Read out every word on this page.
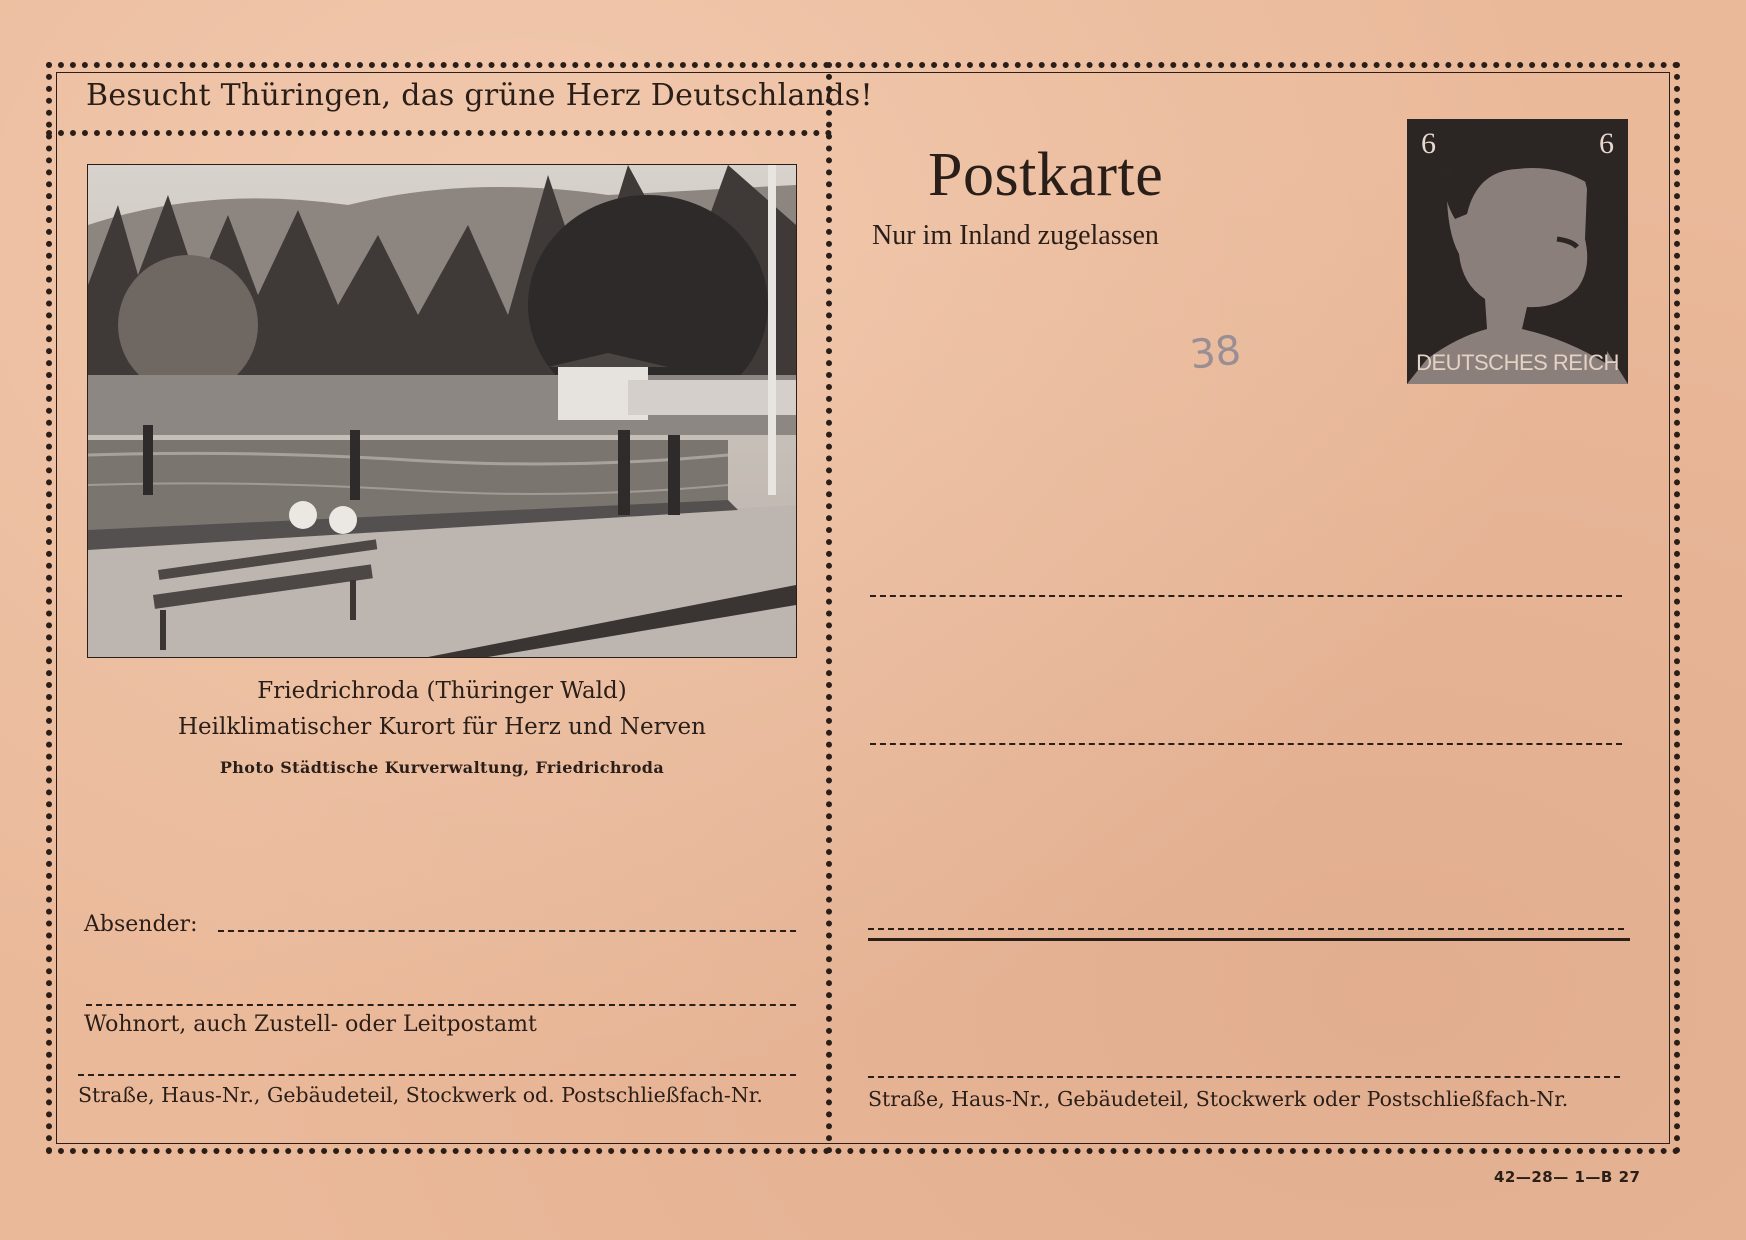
Besucht Thüringen, das grüne Herz Deutschlands!
Friedrichroda (Thüringer Wald)
Heilklimatischer Kurort für Herz und Nerven
Photo Städtische Kurverwaltung, Friedrichroda
Absender:
Wohnort, auch Zustell- oder Leitpostamt
Straße, Haus-Nr., Gebäudeteil, Stockwerk od. Postschließfach-Nr.
Postkarte
Nur im Inland zugelassen
6	6
DEUTSCHES REICH
38
Straße, Haus-Nr., Gebäudeteil, Stockwerk oder Postschließfach-Nr.
42—28— 1—B 27
